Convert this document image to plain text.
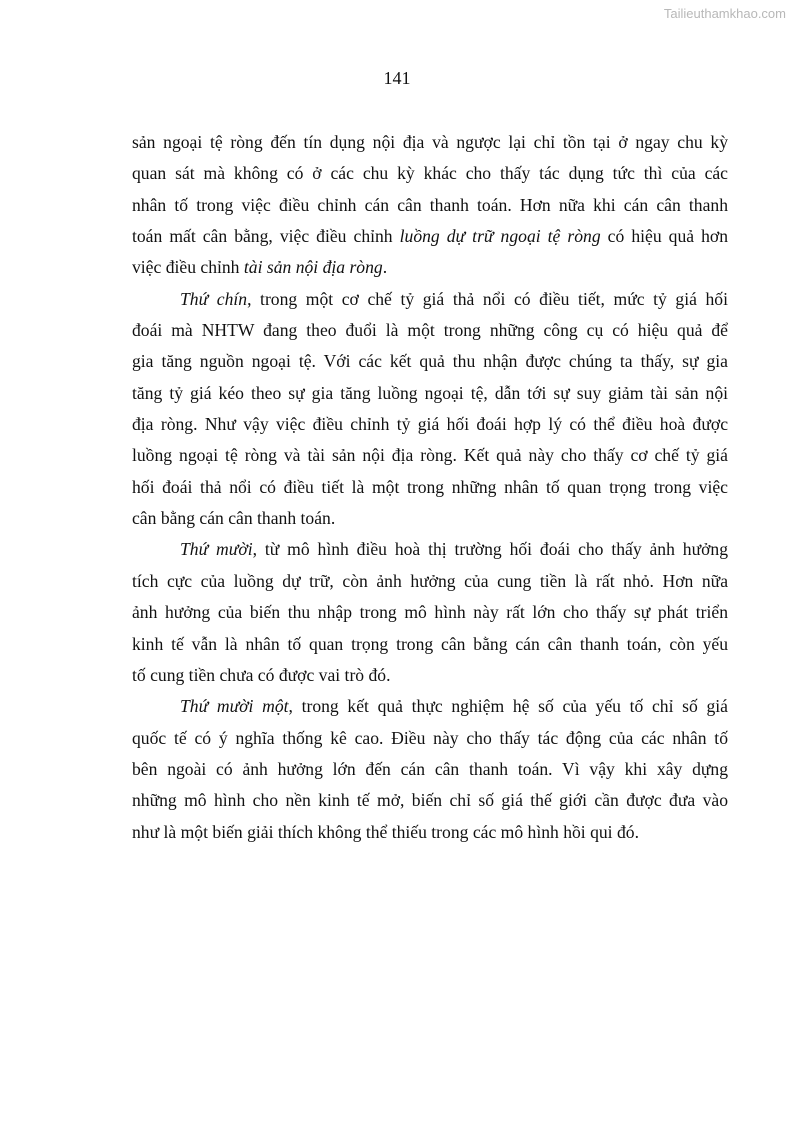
Tailieuthamkhao.com
141
sản ngoại tệ ròng đến tín dụng nội địa và ngược lại chỉ tồn tại ở ngay chu kỳ
quan sát mà không có ở các chu kỳ khác cho thấy tác dụng tức thì của các
nhân tố trong việc điều chỉnh cán cân thanh toán. Hơn nữa khi cán cân thanh
toán mất cân bằng, việc điều chỉnh luồng dự trữ ngoại tệ ròng có hiệu quả hơn
việc điều chỉnh tài sản nội địa ròng.
Thứ chín, trong một cơ chế tỷ giá thả nổi có điều tiết, mức tỷ giá hối
đoái mà NHTW đang theo đuổi là một trong những công cụ có hiệu quả để
gia tăng nguồn ngoại tệ. Với các kết quả thu nhận được chúng ta thấy, sự gia
tăng tỷ giá kéo theo sự gia tăng luồng ngoại tệ, dẫn tới sự suy giảm tài sản nội
địa ròng. Như vậy việc điều chỉnh tỷ giá hối đoái hợp lý có thể điều hoà được
luồng ngoại tệ ròng và tài sản nội địa ròng. Kết quả này cho thấy cơ chế tỷ giá
hối đoái thả nổi có điều tiết là một trong những nhân tố quan trọng trong việc
cân bằng cán cân thanh toán.
Thứ mười, từ mô hình điều hoà thị trường hối đoái cho thấy ảnh hưởng
tích cực của luồng dự trữ, còn ảnh hưởng của cung tiền là rất nhỏ. Hơn nữa
ảnh hưởng của biến thu nhập trong mô hình này rất lớn cho thấy sự phát triển
kinh tế vẫn là nhân tố quan trọng trong cân bằng cán cân thanh toán, còn yếu
tố cung tiền chưa có được vai trò đó.
Thứ mười một, trong kết quả thực nghiệm hệ số của yếu tố chỉ số giá
quốc tế có ý nghĩa thống kê cao. Điều này cho thấy tác động của các nhân tố
bên ngoài có ảnh hưởng lớn đến cán cân thanh toán. Vì vậy khi xây dựng
những mô hình cho nền kinh tế mở, biến chỉ số giá thế giới cần được đưa vào
như là một biến giải thích không thể thiếu trong các mô hình hồi qui đó.
